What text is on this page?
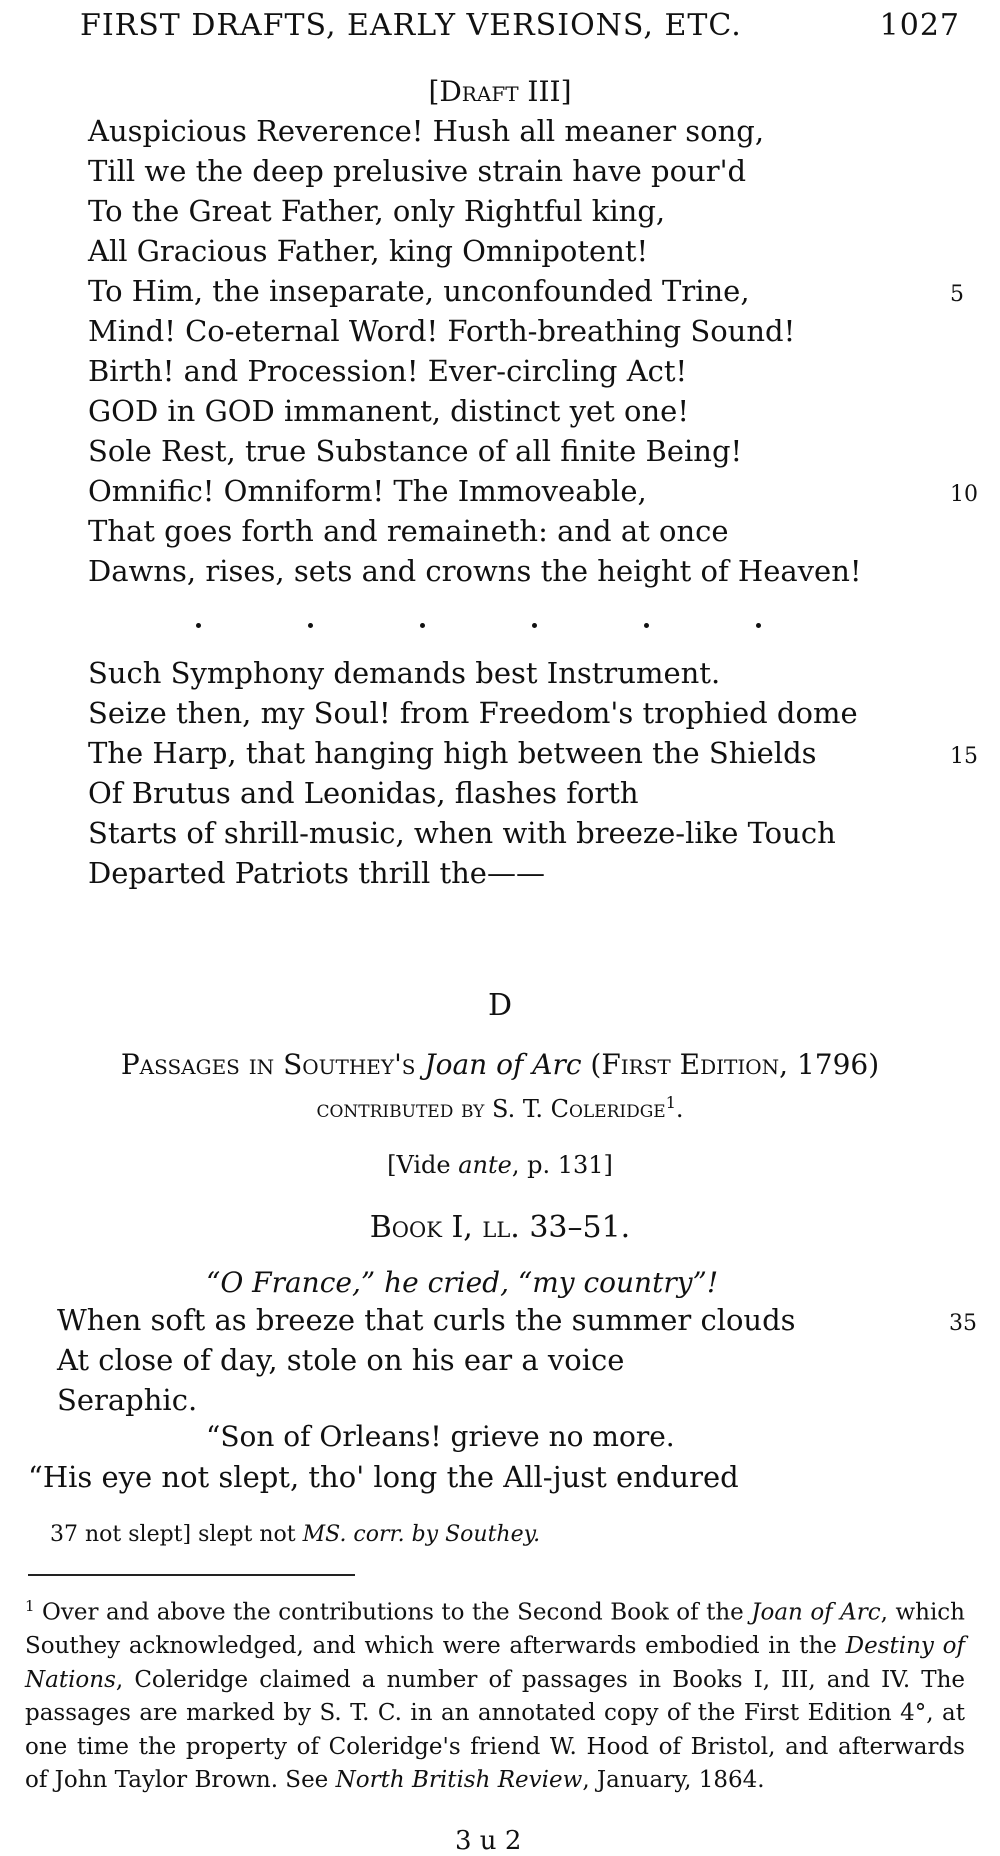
FIRST DRAFTS, EARLY VERSIONS, ETC.	1027
[Draft III]
Auspicious Reverence! Hush all meaner song,
Till we the deep prelusive strain have pour'd
To the Great Father, only Rightful king,
All Gracious Father, king Omnipotent!
To Him, the inseparate, unconfounded Trine,	5
Mind! Co-eternal Word! Forth-breathing Sound!
Birth! and Procession! Ever-circling Act!
GOD in GOD immanent, distinct yet one!
Sole Rest, true Substance of all finite Being!
Omnific! Omniform! The Immoveable,	10
That goes forth and remaineth: and at once
Dawns, rises, sets and crowns the height of Heaven!
Such Symphony demands best Instrument.
Seize then, my Soul! from Freedom's trophied dome
The Harp, that hanging high between the Shields	15
Of Brutus and Leonidas, flashes forth
Starts of shrill-music, when with breeze-like Touch
Departed Patriots thrill the——
D
Passages in Southey's Joan of Arc (First Edition, 1796)
contributed by S. T. Coleridge$^1$.
[Vide ante, p. 131]
Book I, ll. 33–51.
“O France,” he cried, “my country”!
When soft as breeze that curls the summer clouds
At close of day, stole on his ear a voice
35
Seraphic.
“Son of Orleans! grieve no more.
“His eye not slept, tho' long the All-just endured
37 not slept] slept not MS. corr. by Southey.
$^1$ Over and above the contributions to the Second Book of the Joan of Arc, which Southey acknowledged, and which were afterwards embodied in the Destiny of Nations, Coleridge claimed a number of passages in Books I, III, and IV. The passages are marked by S. T. C. in an annotated copy of the First Edition 4°, at one time the property of Coleridge's friend W. Hood of Bristol, and afterwards of John Taylor Brown. See North British Review, January, 1864.
3 u 2
